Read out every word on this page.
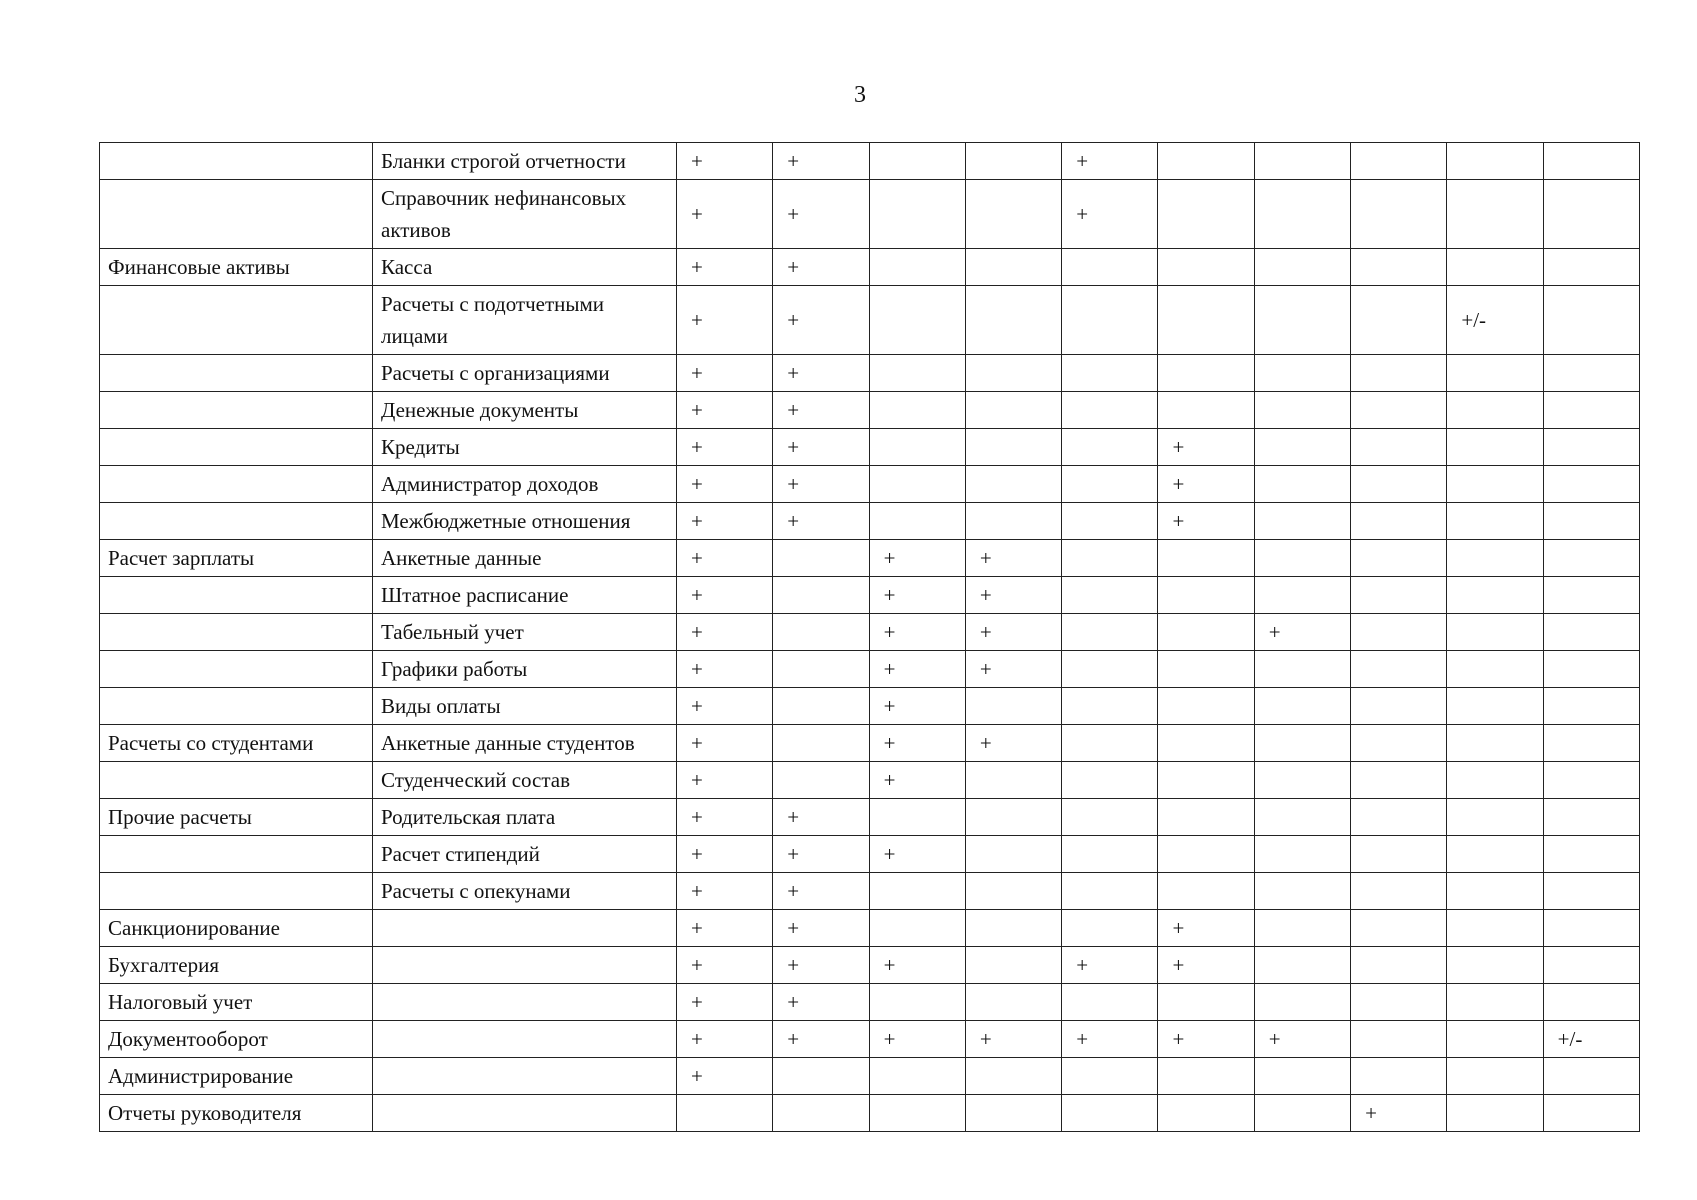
3
	Бланки строгой отчетности	+	+			+					
	Справочник нефинансовых активов	+	+			+					
Финансовые активы	Касса	+	+								
	Расчеты с подотчетными лицами	+	+							+/-	
	Расчеты с организациями	+	+								
	Денежные документы	+	+								
	Кредиты	+	+				+				
	Администратор доходов	+	+				+				
	Межбюджетные отношения	+	+				+				
Расчет зарплаты	Анкетные данные	+		+	+						
	Штатное расписание	+		+	+						
	Табельный учет	+		+	+			+			
	Графики работы	+		+	+						
	Виды оплаты	+		+							
Расчеты со студентами	Анкетные данные студентов	+		+	+						
	Студенческий состав	+		+							
Прочие расчеты	Родительская плата	+	+								
	Расчет стипендий	+	+	+							
	Расчеты с опекунами	+	+								
Санкционирование		+	+				+				
Бухгалтерия		+	+	+		+	+				
Налоговый учет		+	+								
Документооборот		+	+	+	+	+	+	+			+/-
Администрирование		+									
Отчеты руководителя									+		
